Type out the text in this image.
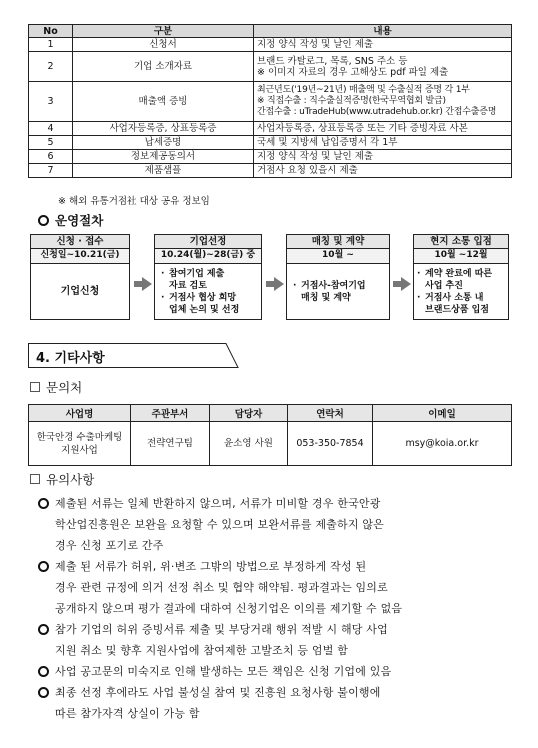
No	구분	내용
1	신청서	지정 양식 작성 및 날인 제출
2	기업 소개자료	브랜드 카탈로그, 목록, SNS 주소 등
※ 이미지 자료의 경우 고해상도 pdf 파일 제출
3	매출액 증빙	최근년도('19년~21년) 매출액 및 수출실적 증명 각 1부
※ 직접수출 : 직수출실적증명(한국무역협회 발급)
간접수출 : uTradeHub(www.utradehub.or.kr) 간접수출증명
4	사업자등록증, 상표등록증	사업자등록증, 상표등록증 또는 기타 증빙자료 사본
5	납세증명	국세 및 지방세 납입증명서 각 1부
6	정보제공동의서	지정 양식 작성 및 날인 제출
7	제품샘플	거점사 요청 있을시 제출
※ 해외 유통거점社 대상 공유 정보임
운영절차
신청 · 접수
신청일~10.21(금)
기업신청
기업선정
10.24(월)~28(금) 중
· 참여기업 제출
자료 검토
· 거점사 협상 희망
업체 논의 및 선정
매칭 및 계약
10월 ~
· 거점사-참여기업
매칭 및 계약
현지 소통 입점
10월 ~12월
· 계약 완료에 따른
사업 추진
· 거점사 소통 내
브랜드상품 입점
4. 기타사항
문의처
사업명	주관부서	담당자	연락처	이메일
한국안경 수출마케팅
지원사업	전략연구팀	윤소영 사원	053-350-7854	msy@koia.or.kr
유의사항
제출된 서류는 일체 반환하지 않으며, 서류가 미비할 경우 한국안광
학산업진흥원은 보완을 요청할 수 있으며 보완서류를 제출하지 않은
경우 신청 포기로 간주
제출 된 서류가 허위, 위·변조 그밖의 방법으로 부정하게 작성 된
경우 관련 규정에 의거 선정 취소 및 협약 해약됨. 평과결과는 임의로
공개하지 않으며 평가 결과에 대하여 신청기업은 이의를 제기할 수 없음
참가 기업의 허위 증빙서류 제출 및 부당거래 행위 적발 시 해당 사업
지원 취소 및 향후 지원사업에 참여제한 고발조치 등 엄벌 함
사업 공고문의 미숙지로 인해 발생하는 모든 책임은 신청 기업에 있음
최종 선정 후에라도 사업 불성실 참여 및 진흥원 요청사항 불이행에
따른 참가자격 상실이 가능 함
